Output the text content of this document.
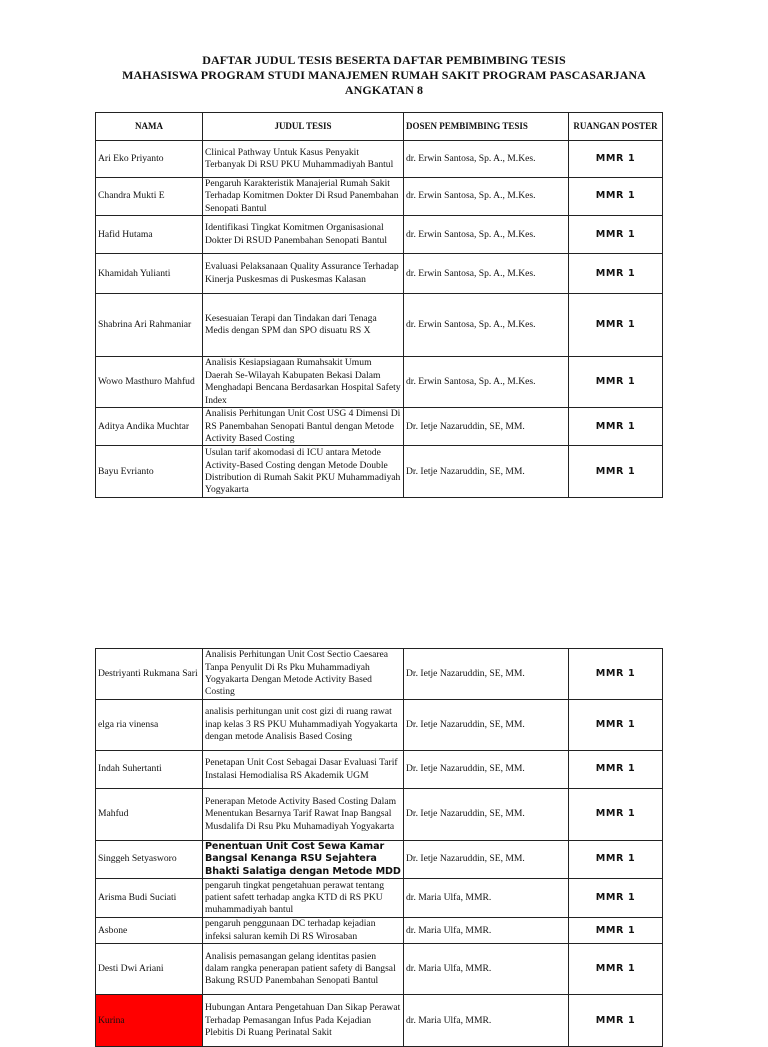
DAFTAR JUDUL TESIS BESERTA DAFTAR PEMBIMBING TESIS
MAHASISWA PROGRAM STUDI MANAJEMEN RUMAH SAKIT PROGRAM PASCASARJANA
ANGKATAN 8
NAMA	JUDUL TESIS	DOSEN PEMBIMBING TESIS	RUANGAN POSTER
Ari Eko Priyanto	Clinical Pathway Untuk Kasus Penyakit Terbanyak Di RSU PKU Muhammadiyah Bantul	dr. Erwin Santosa, Sp. A., M.Kes.	MMR 1
Chandra Mukti E	Pengaruh Karakteristik Manajerial Rumah Sakit Terhadap Komitmen Dokter Di Rsud Panembahan Senopati Bantul	dr. Erwin Santosa, Sp. A., M.Kes.	MMR 1
Hafid Hutama	Identifikasi Tingkat Komitmen Organisasional Dokter Di RSUD Panembahan Senopati Bantul	dr. Erwin Santosa, Sp. A., M.Kes.	MMR 1
Khamidah Yulianti	Evaluasi Pelaksanaan Quality Assurance Terhadap Kinerja Puskesmas di Puskesmas Kalasan	dr. Erwin Santosa, Sp. A., M.Kes.	MMR 1
Shabrina Ari Rahmaniar	Kesesuaian Terapi dan Tindakan dari Tenaga Medis dengan SPM dan SPO disuatu RS X	dr. Erwin Santosa, Sp. A., M.Kes.	MMR 1
Wowo Masthuro Mahfud	Analisis Kesiapsiagaan Rumahsakit Umum Daerah Se-Wilayah Kabupaten Bekasi Dalam Menghadapi Bencana Berdasarkan Hospital Safety Index	dr. Erwin Santosa, Sp. A., M.Kes.	MMR 1
Aditya Andika Muchtar	Analisis Perhitungan Unit Cost USG 4 Dimensi Di RS Panembahan Senopati Bantul dengan Metode Activity Based Costing	Dr. Ietje Nazaruddin, SE, MM.	MMR 1
Bayu Evrianto	Usulan tarif akomodasi di ICU antara Metode Activity-Based Costing dengan Metode Double Distribution di Rumah Sakit PKU Muhammadiyah Yogyakarta	Dr. Ietje Nazaruddin, SE, MM.	MMR 1
Destriyanti Rukmana Sari	Analisis Perhitungan Unit Cost Sectio Caesarea Tanpa Penyulit Di Rs Pku Muhammadiyah Yogyakarta Dengan Metode Activity Based Costing	Dr. Ietje Nazaruddin, SE, MM.	MMR 1
elga ria vinensa	analisis perhitungan unit cost gizi di ruang rawat inap kelas 3 RS PKU Muhammadiyah Yogyakarta dengan metode Analisis Based Cosing	Dr. Ietje Nazaruddin, SE, MM.	MMR 1
Indah Suhertanti	Penetapan Unit Cost Sebagai Dasar Evaluasi Tarif Instalasi Hemodialisa RS Akademik UGM	Dr. Ietje Nazaruddin, SE, MM.	MMR 1
Mahfud	Penerapan Metode Activity Based Costing Dalam Menentukan Besarnya Tarif Rawat Inap Bangsal Musdalifa Di Rsu Pku Muhamadiyah Yogyakarta	Dr. Ietje Nazaruddin, SE, MM.	MMR 1
Singgeh Setyasworo	Penentuan Unit Cost Sewa Kamar Bangsal Kenanga RSU Sejahtera Bhakti Salatiga dengan Metode MDD	Dr. Ietje Nazaruddin, SE, MM.	MMR 1
Arisma Budi Suciati	pengaruh tingkat pengetahuan perawat tentang patient safett terhadap angka KTD di RS PKU muhammadiyah bantul	dr. Maria Ulfa, MMR.	MMR 1
Asbone	pengaruh penggunaan DC terhadap kejadian infeksi saluran kemih Di RS Wirosaban	dr. Maria Ulfa, MMR.	MMR 1
Desti Dwi Ariani	Analisis pemasangan gelang identitas pasien dalam rangka penerapan patient safety di Bangsal Bakung RSUD Panembahan Senopati Bantul	dr. Maria Ulfa, MMR.	MMR 1
Kurina	Hubungan Antara Pengetahuan Dan Sikap Perawat Terhadap Pemasangan Infus Pada Kejadian Plebitis Di Ruang Perinatal Sakit	dr. Maria Ulfa, MMR.	MMR 1
